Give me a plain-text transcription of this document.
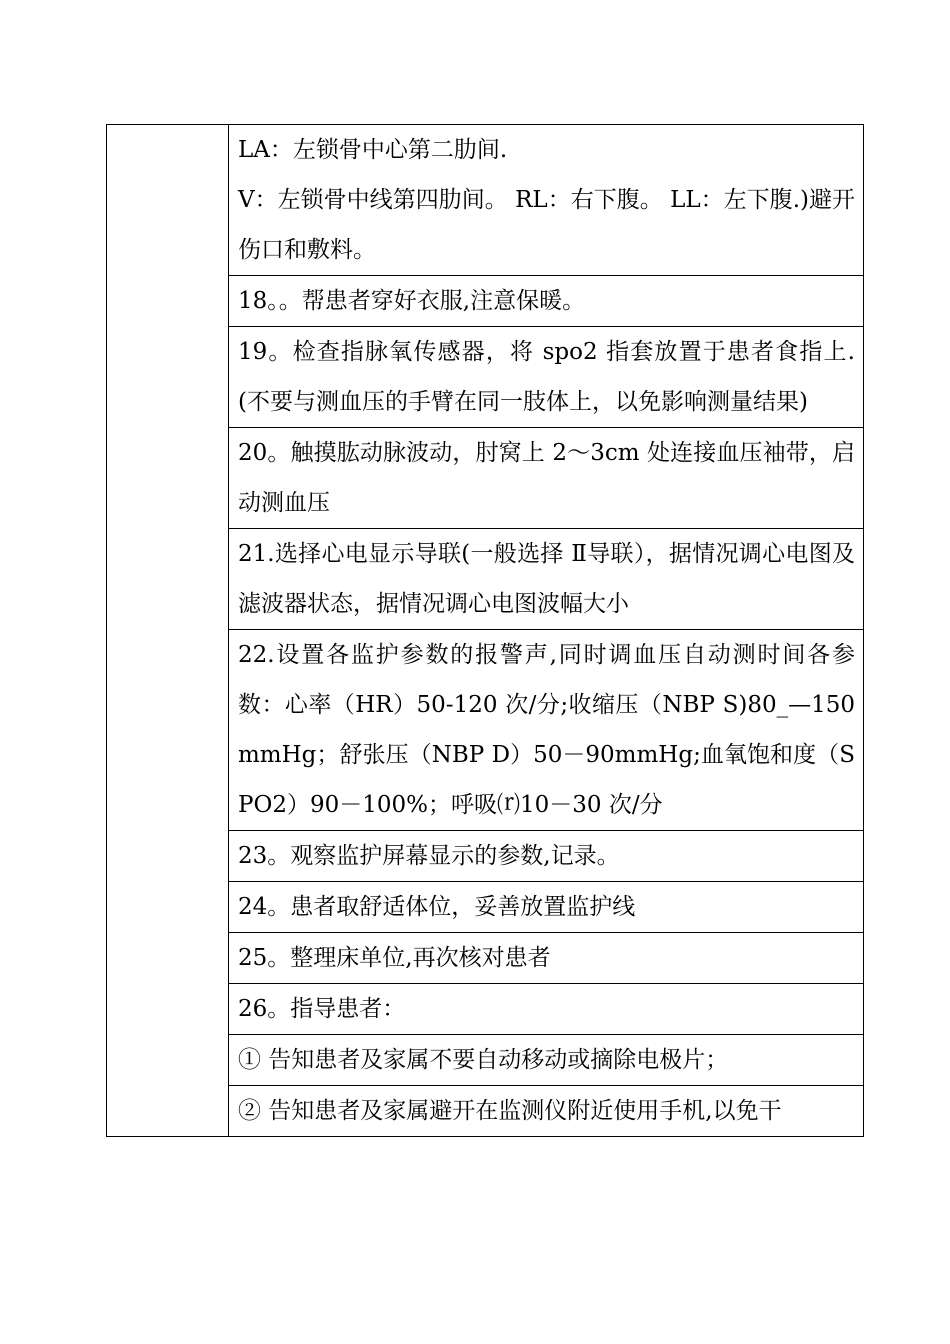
LA：左锁骨中心第二肋间.
V：左锁骨中线第四肋间。 RL：右下腹。 LL：左下腹.)避开伤口和敷料。

18。。帮患者穿好衣服,注意保暖。

19。检查指脉氧传感器，将 spo2 指套放置于患者食指上.(不要与测血压的手臂在同一肢体上，以免影响测量结果)

20。触摸肱动脉波动，肘窝上 2～3cm 处连接血压袖带，启动测血压

21.选择心电显示导联(一般选择 Ⅱ导联），据情况调心电图及滤波器状态，据情况调心电图波幅大小

22.设置各监护参数的报警声,同时调血压自动测时间各参数：心率（HR）50-120 次/分;收缩压（NBP S)80_—150mmHg；舒张压（NBP D）50－90mmHg;血氧饱和度（SPO2）90－100%；呼吸⒭10－30 次/分

23。观察监护屏幕显示的参数,记录。

24。患者取舒适体位，妥善放置监护线

25。整理床单位,再次核对患者

26。指导患者：

① 告知患者及家属不要自动移动或摘除电极片；

② 告知患者及家属避开在监测仪附近使用手机,以免干
